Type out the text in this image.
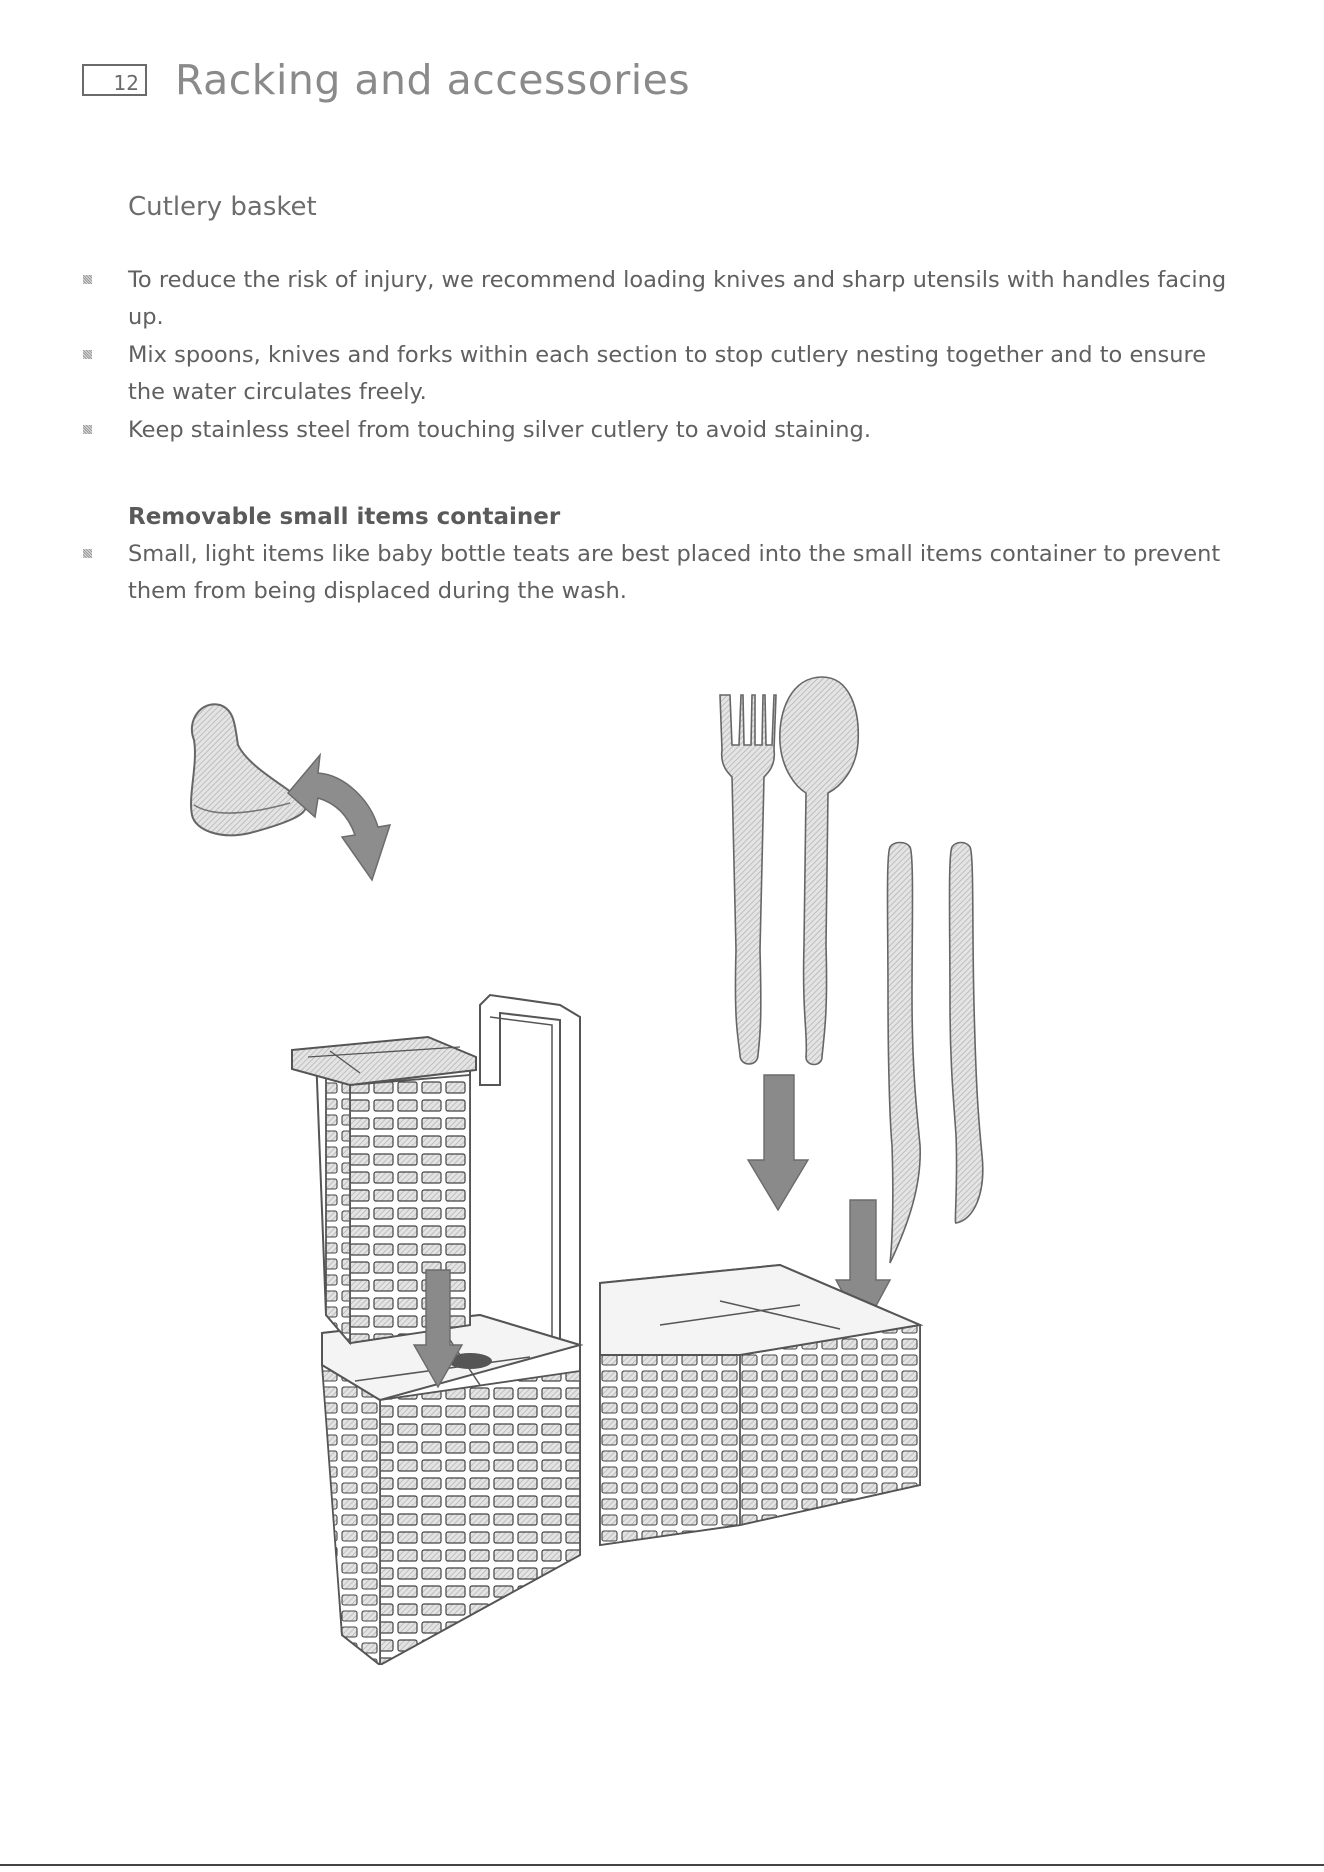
12 Racking and accessories
Cutlery basket
To reduce the risk of injury, we recommend loading knives and sharp utensils with handles facing up.
Mix spoons, knives and forks within each section to stop cutlery nesting together and to ensure the water circulates freely.
Keep stainless steel from touching silver cutlery to avoid staining.
Removable small items container
Small, light items like baby bottle teats are best placed into the small items container to prevent them from being displaced during the wash.
